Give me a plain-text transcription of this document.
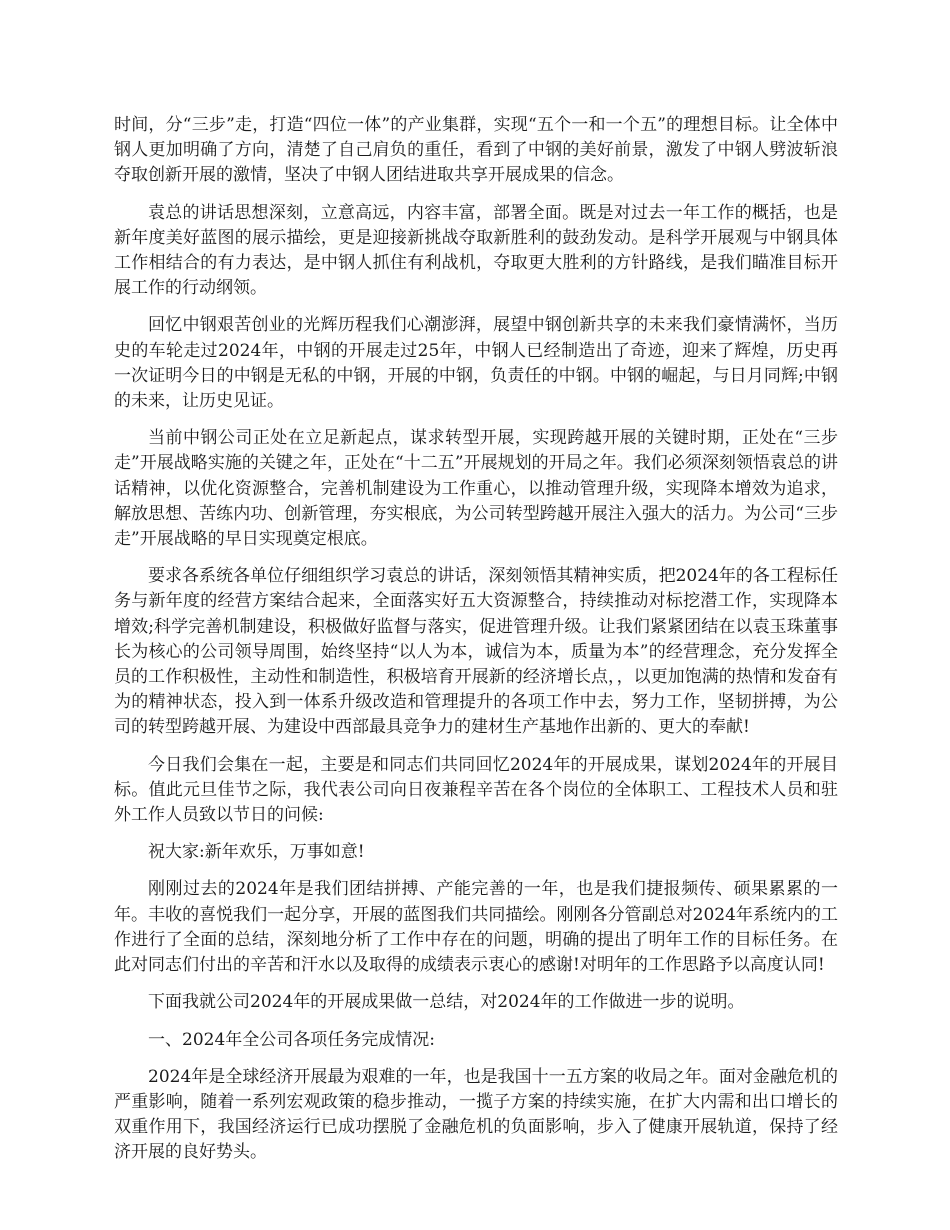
时间，分“三步”走，打造“四位一体”的产业集群，实现“五个一和一个五”的理想目标。让全体中钢人更加明确了方向，清楚了自己肩负的重任，看到了中钢的美好前景，激发了中钢人劈波斩浪夺取创新开展的激情，坚决了中钢人团结进取共享开展成果的信念。

袁总的讲话思想深刻，立意高远，内容丰富，部署全面。既是对过去一年工作的概括，也是新年度美好蓝图的展示描绘，更是迎接新挑战夺取新胜利的鼓劲发动。是科学开展观与中钢具体工作相结合的有力表达，是中钢人抓住有利战机，夺取更大胜利的方针路线，是我们瞄准目标开展工作的行动纲领。

回忆中钢艰苦创业的光辉历程我们心潮澎湃，展望中钢创新共享的未来我们豪情满怀，当历史的车轮走过2024年，中钢的开展走过25年，中钢人已经制造出了奇迹，迎来了辉煌，历史再一次证明今日的中钢是无私的中钢，开展的中钢，负责任的中钢。中钢的崛起，与日月同辉;中钢的未来，让历史见证。

当前中钢公司正处在立足新起点，谋求转型开展，实现跨越开展的关键时期，正处在“三步走”开展战略实施的关键之年，正处在“十二五”开展规划的开局之年。我们必须深刻领悟袁总的讲话精神，以优化资源整合，完善机制建设为工作重心，以推动管理升级，实现降本增效为追求，解放思想、苦练内功、创新管理，夯实根底，为公司转型跨越开展注入强大的活力。为公司“三步走”开展战略的早日实现奠定根底。

要求各系统各单位仔细组织学习袁总的讲话，深刻领悟其精神实质，把2024年的各工程标任务与新年度的经营方案结合起来，全面落实好五大资源整合，持续推动对标挖潜工作，实现降本增效;科学完善机制建设，积极做好监督与落实，促进管理升级。让我们紧紧团结在以袁玉珠董事长为核心的公司领导周围，始终坚持“以人为本，诚信为本，质量为本”的经营理念，充分发挥全员的工作积极性，主动性和制造性，积极培育开展新的经济增长点，，以更加饱满的热情和发奋有为的精神状态，投入到一体系升级改造和管理提升的各项工作中去，努力工作，坚韧拼搏，为公司的转型跨越开展、为建设中西部最具竞争力的建材生产基地作出新的、更大的奉献!

今日我们会集在一起，主要是和同志们共同回忆2024年的开展成果，谋划2024年的开展目标。值此元旦佳节之际，我代表公司向日夜兼程辛苦在各个岗位的全体职工、工程技术人员和驻外工作人员致以节日的问候:

祝大家:新年欢乐，万事如意!

刚刚过去的2024年是我们团结拼搏、产能完善的一年，也是我们捷报频传、硕果累累的一年。丰收的喜悦我们一起分享，开展的蓝图我们共同描绘。刚刚各分管副总对2024年系统内的工作进行了全面的总结，深刻地分析了工作中存在的问题，明确的提出了明年工作的目标任务。在此对同志们付出的辛苦和汗水以及取得的成绩表示衷心的感谢!对明年的工作思路予以高度认同!

下面我就公司2024年的开展成果做一总结，对2024年的工作做进一步的说明。

一、2024年全公司各项任务完成情况:

2024年是全球经济开展最为艰难的一年，也是我国十一五方案的收局之年。面对金融危机的严重影响，随着一系列宏观政策的稳步推动，一揽子方案的持续实施，在扩大内需和出口增长的双重作用下，我国经济运行已成功摆脱了金融危机的负面影响，步入了健康开展轨道，保持了经济开展的良好势头。
